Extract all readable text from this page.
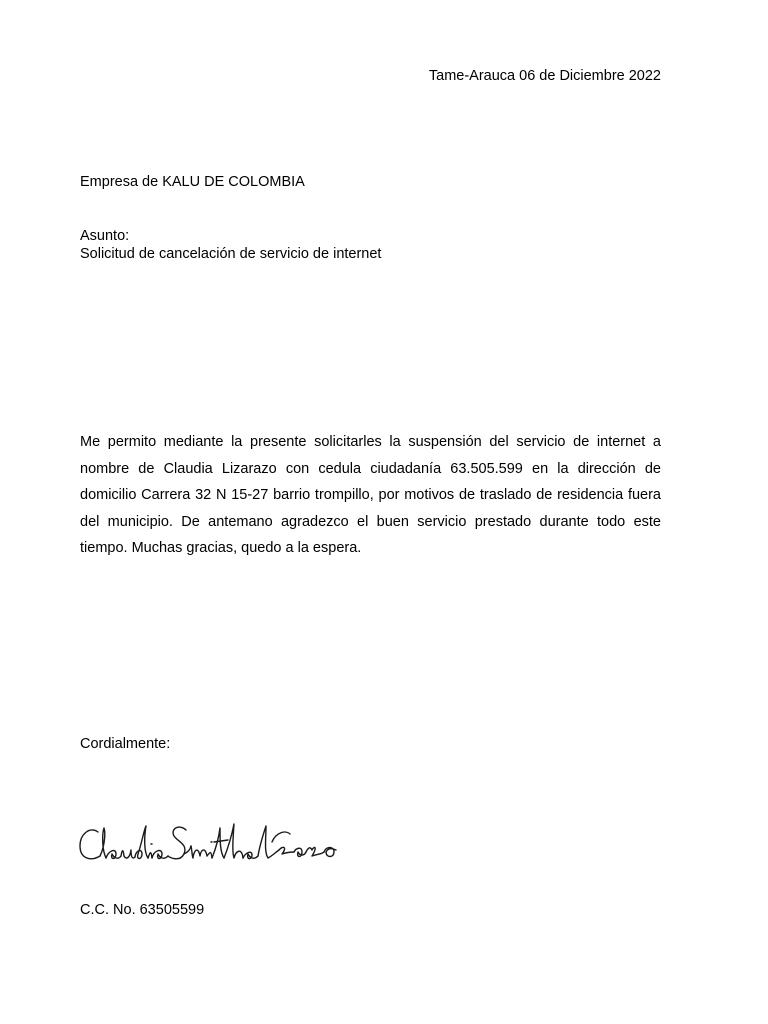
Tame-Arauca 06 de Diciembre 2022
Empresa de KALU DE COLOMBIA
Asunto:
Solicitud de cancelación de servicio de internet
Me permito mediante la presente solicitarles la suspensión del servicio de internet a nombre de Claudia Lizarazo con cedula ciudadanía 63.505.599 en la dirección de domicilio Carrera 32 N 15-27 barrio trompillo, por motivos de traslado de residencia fuera del municipio. De antemano agradezco el buen servicio prestado durante todo este tiempo. Muchas gracias, quedo a la espera.
Cordialmente:
C.C. No. 63505599
